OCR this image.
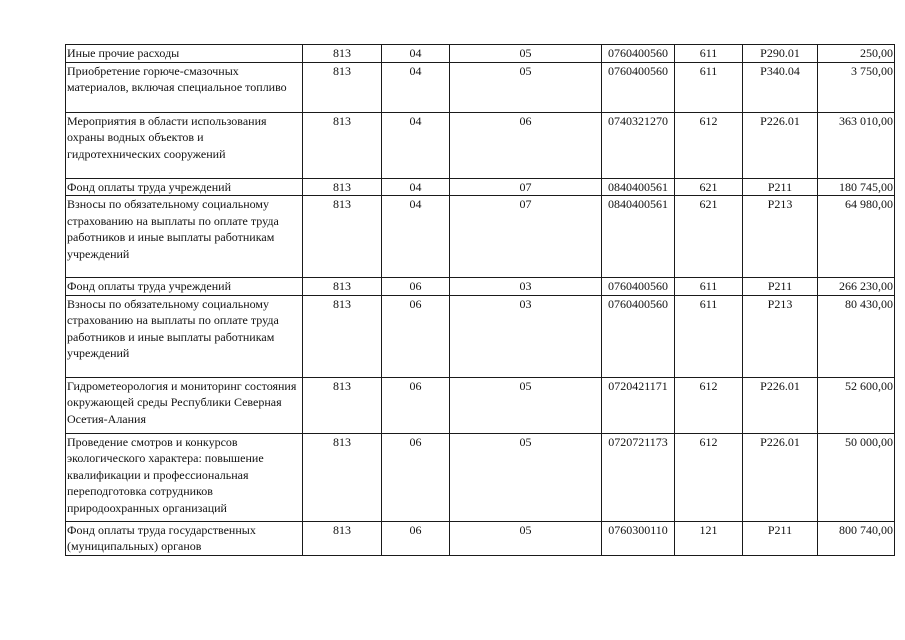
Иные прочие расходы	813	04	05	0760400560	611	Р290.01	250,00
Приобретение горюче-смазочных материалов, включая специальное топливо	813	04	05	0760400560	611	Р340.04	3 750,00
Мероприятия в области использования охраны водных объектов и гидротехнических сооружений	813	04	06	0740321270	612	Р226.01	363 010,00
Фонд оплаты труда учреждений	813	04	07	0840400561	621	Р211	180 745,00
Взносы по обязательному социальному страхованию на выплаты по оплате труда работников и иные выплаты работникам учреждений	813	04	07	0840400561	621	Р213	64 980,00
Фонд оплаты труда учреждений	813	06	03	0760400560	611	Р211	266 230,00
Взносы по обязательному социальному страхованию на выплаты по оплате труда работников и иные выплаты работникам учреждений	813	06	03	0760400560	611	Р213	80 430,00
Гидрометеорология и мониторинг состояния окружающей среды Республики Северная Осетия-Алания	813	06	05	0720421171	612	Р226.01	52 600,00
Проведение смотров и конкурсов экологического характера: повышение квалификации и профессиональная переподготовка сотрудников природоохранных организаций	813	06	05	0720721173	612	Р226.01	50 000,00
Фонд оплаты труда государственных (муниципальных) органов	813	06	05	0760300110	121	Р211	800 740,00
